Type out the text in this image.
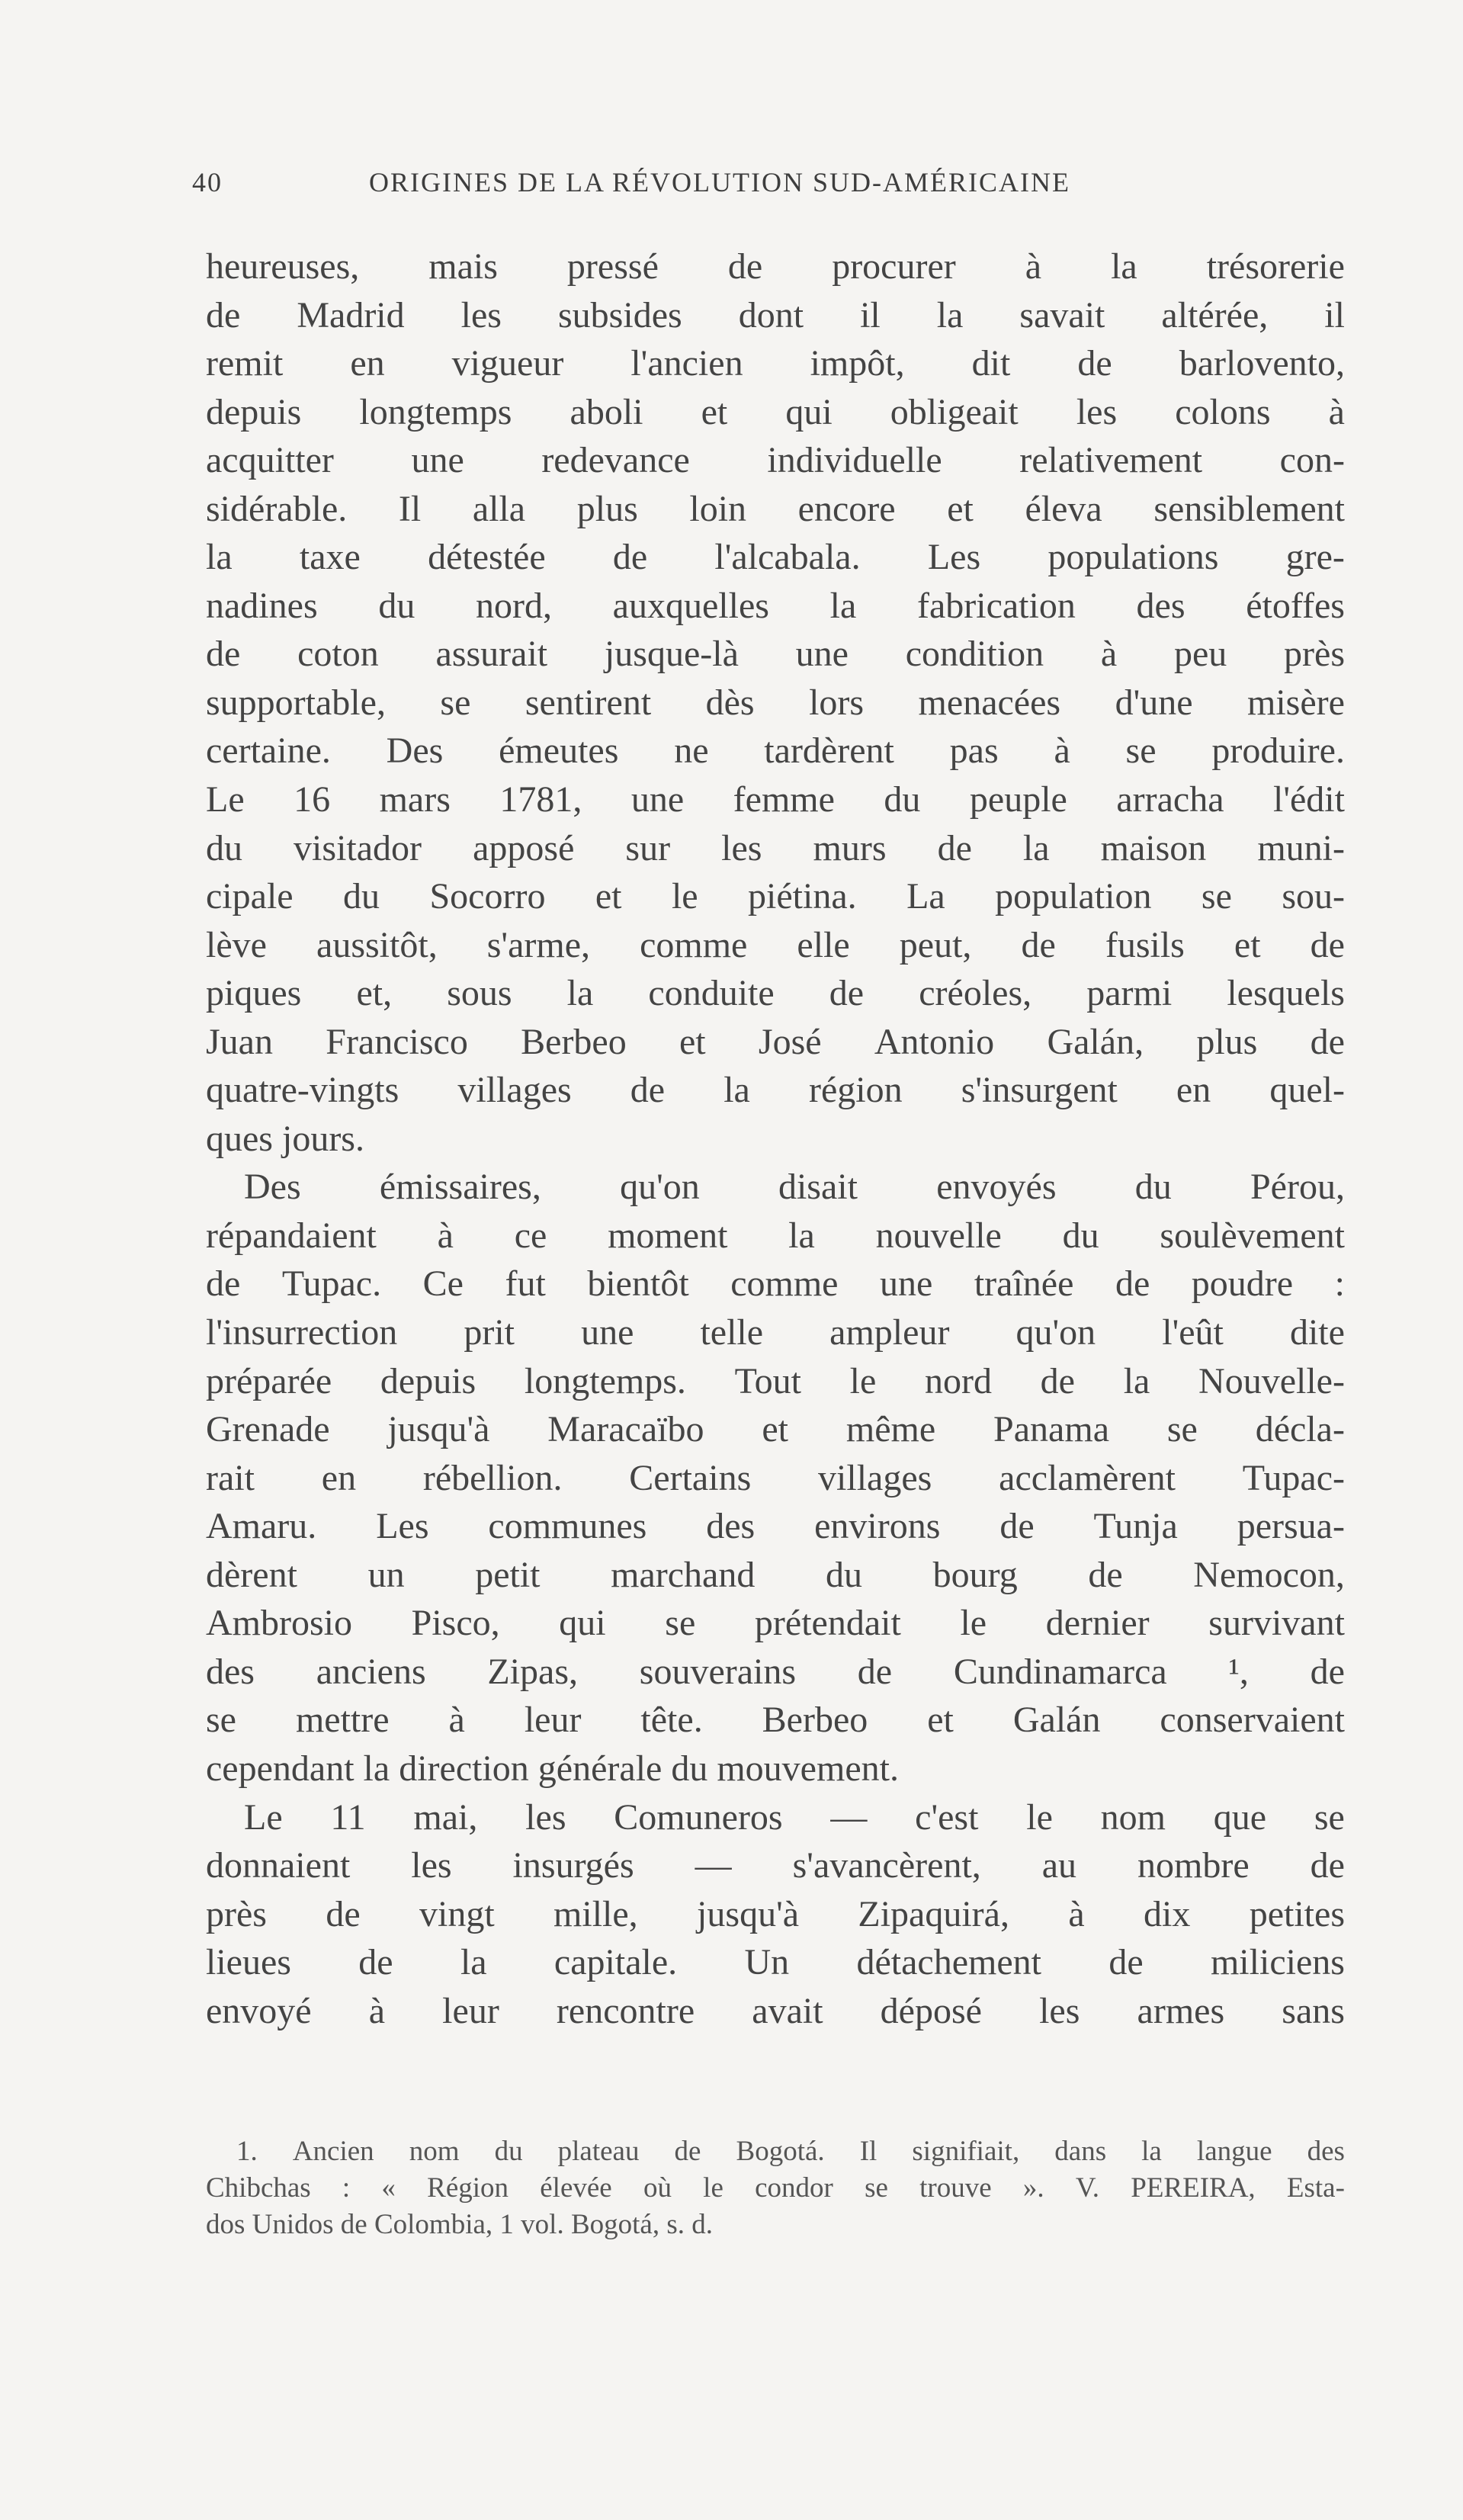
40	ORIGINES DE LA RÉVOLUTION SUD-AMÉRICAINE
heureuses, mais pressé de procurer à la trésorerie
de Madrid les subsides dont il la savait altérée, il
remit en vigueur l'ancien impôt, dit de barlovento,
depuis longtemps aboli et qui obligeait les colons à
acquitter une redevance individuelle relativement con-
sidérable. Il alla plus loin encore et éleva sensiblement
la taxe détestée de l'alcabala. Les populations gre-
nadines du nord, auxquelles la fabrication des étoffes
de coton assurait jusque-là une condition à peu près
supportable, se sentirent dès lors menacées d'une misère
certaine. Des émeutes ne tardèrent pas à se produire.
Le 16 mars 1781, une femme du peuple arracha l'édit
du visitador apposé sur les murs de la maison muni-
cipale du Socorro et le piétina. La population se sou-
lève aussitôt, s'arme, comme elle peut, de fusils et de
piques et, sous la conduite de créoles, parmi lesquels
Juan Francisco Berbeo et José Antonio Galán, plus de
quatre-vingts villages de la région s'insurgent en quel-
ques jours.
Des émissaires, qu'on disait envoyés du Pérou,
répandaient à ce moment la nouvelle du soulèvement
de Tupac. Ce fut bientôt comme une traînée de poudre :
l'insurrection prit une telle ampleur qu'on l'eût dite
préparée depuis longtemps. Tout le nord de la Nouvelle-
Grenade jusqu'à Maracaïbo et même Panama se décla-
rait en rébellion. Certains villages acclamèrent Tupac-
Amaru. Les communes des environs de Tunja persua-
dèrent un petit marchand du bourg de Nemocon,
Ambrosio Pisco, qui se prétendait le dernier survivant
des anciens Zipas, souverains de Cundinamarca ¹, de
se mettre à leur tête. Berbeo et Galán conservaient
cependant la direction générale du mouvement.
Le 11 mai, les Comuneros — c'est le nom que se
donnaient les insurgés — s'avancèrent, au nombre de
près de vingt mille, jusqu'à Zipaquirá, à dix petites
lieues de la capitale. Un détachement de miliciens
envoyé à leur rencontre avait déposé les armes sans
1. Ancien nom du plateau de Bogotá. Il signifiait, dans la langue des
Chibchas : « Région élevée où le condor se trouve ». V. PEREIRA, Esta-
dos Unidos de Colombia, 1 vol. Bogotá, s. d.
